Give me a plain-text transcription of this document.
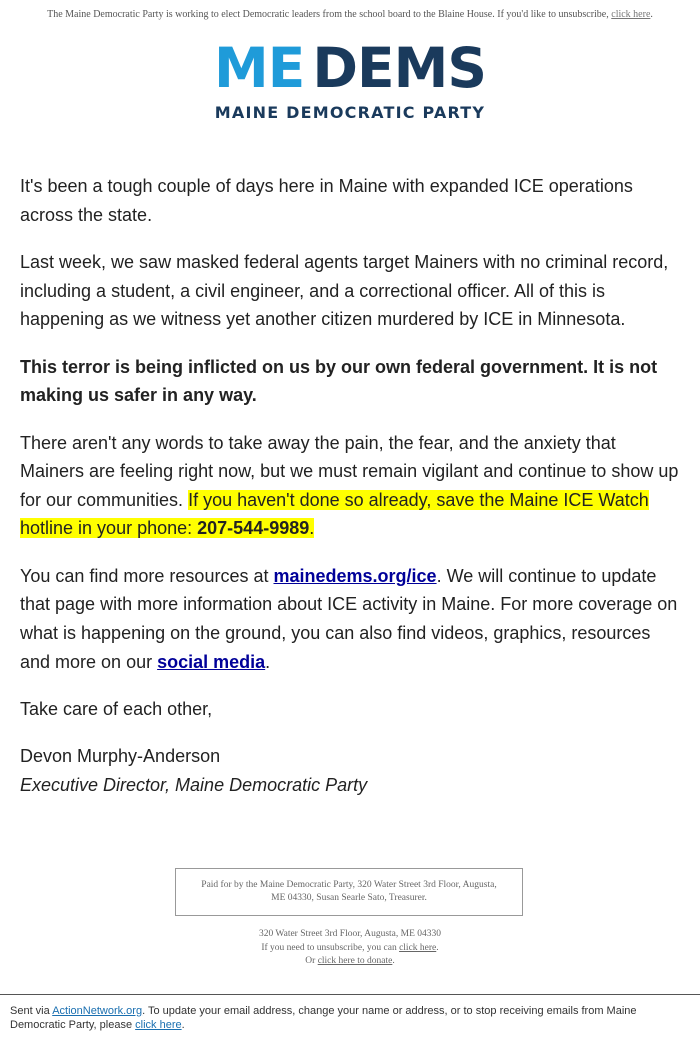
The Maine Democratic Party is working to elect Democratic leaders from the school board to the Blaine House. If you'd like to unsubscribe, click here.
ME DEMS
MAINE DEMOCRATIC PARTY

It's been a tough couple of days here in Maine with expanded ICE operations across the state.

Last week, we saw masked federal agents target Mainers with no criminal record, including a student, a civil engineer, and a correctional officer. All of this is happening as we witness yet another citizen murdered by ICE in Minnesota.

This terror is being inflicted on us by our own federal government. It is not making us safer in any way.

There aren't any words to take away the pain, the fear, and the anxiety that Mainers are feeling right now, but we must remain vigilant and continue to show up for our communities. If you haven't done so already, save the Maine ICE Watch hotline in your phone: 207-544-9989.

You can find more resources at mainedems.org/ice. We will continue to update that page with more information about ICE activity in Maine. For more coverage on what is happening on the ground, you can also find videos, graphics, resources and more on our social media.

Take care of each other,

Devon Murphy-Anderson

Executive Director, Maine Democratic Party

Paid for by the Maine Democratic Party, 320 Water Street 3rd Floor, Augusta, ME 04330, Susan Searle Sato, Treasurer.
320 Water Street 3rd Floor, Augusta, ME 04330
If you need to unsubscribe, you can click here.
Or click here to donate.
Sent via ActionNetwork.org. To update your email address, change your name or address, or to stop receiving emails from Maine Democratic Party, please click here.
